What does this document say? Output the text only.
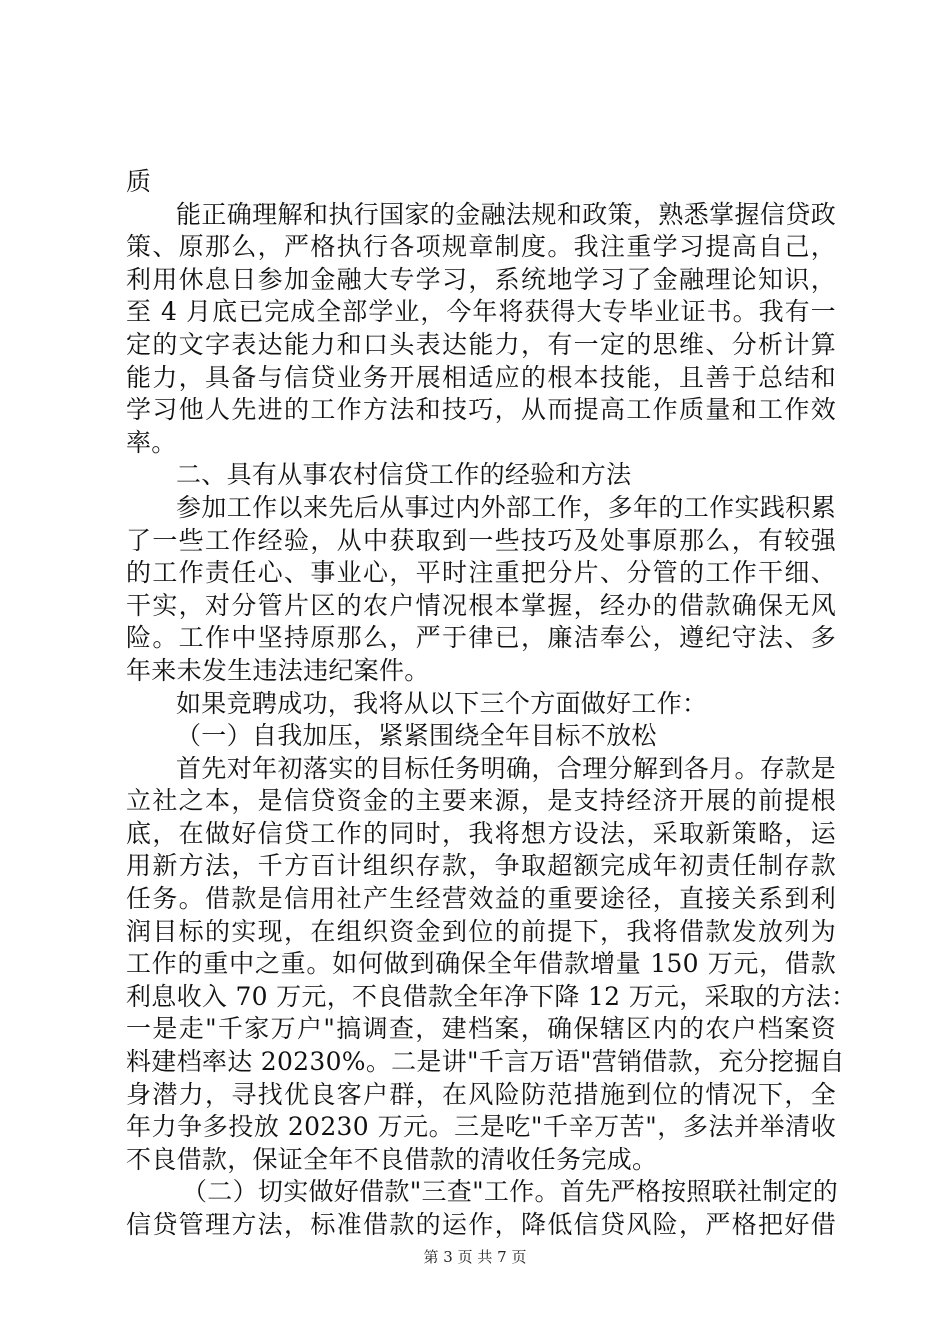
质
能正确理解和执行国家的金融法规和政策，熟悉掌握信贷政
策、原那么，严格执行各项规章制度。我注重学习提高自己，
利用休息日参加金融大专学习，系统地学习了金融理论知识，
至 4 月底已完成全部学业，今年将获得大专毕业证书。我有一
定的文字表达能力和口头表达能力，有一定的思维、分析计算
能力，具备与信贷业务开展相适应的根本技能，且善于总结和
学习他人先进的工作方法和技巧，从而提高工作质量和工作效
率。
二、具有从事农村信贷工作的经验和方法
参加工作以来先后从事过内外部工作，多年的工作实践积累
了一些工作经验，从中获取到一些技巧及处事原那么，有较强
的工作责任心、事业心，平时注重把分片、分管的工作干细、
干实，对分管片区的农户情况根本掌握，经办的借款确保无风
险。工作中坚持原那么，严于律已，廉洁奉公，遵纪守法、多
年来未发生违法违纪案件。
如果竞聘成功，我将从以下三个方面做好工作：
（一）自我加压，紧紧围绕全年目标不放松
首先对年初落实的目标任务明确，合理分解到各月。存款是
立社之本，是信贷资金的主要来源，是支持经济开展的前提根
底，在做好信贷工作的同时，我将想方设法，采取新策略，运
用新方法，千方百计组织存款，争取超额完成年初责任制存款
任务。借款是信用社产生经营效益的重要途径，直接关系到利
润目标的实现，在组织资金到位的前提下，我将借款发放列为
工作的重中之重。如何做到确保全年借款增量 150 万元，借款
利息收入 70 万元，不良借款全年净下降 12 万元，采取的方法：
一是走"千家万户"搞调查，建档案，确保辖区内的农户档案资
料建档率达 20230%。二是讲"千言万语"营销借款，充分挖掘自
身潜力，寻找优良客户群，在风险防范措施到位的情况下，全
年力争多投放 20230 万元。三是吃"千辛万苦"，多法并举清收
不良借款，保证全年不良借款的清收任务完成。
（二）切实做好借款"三查"工作。首先严格按照联社制定的
信贷管理方法，标准借款的运作，降低信贷风险，严格把好借
第 3 页 共 7 页
